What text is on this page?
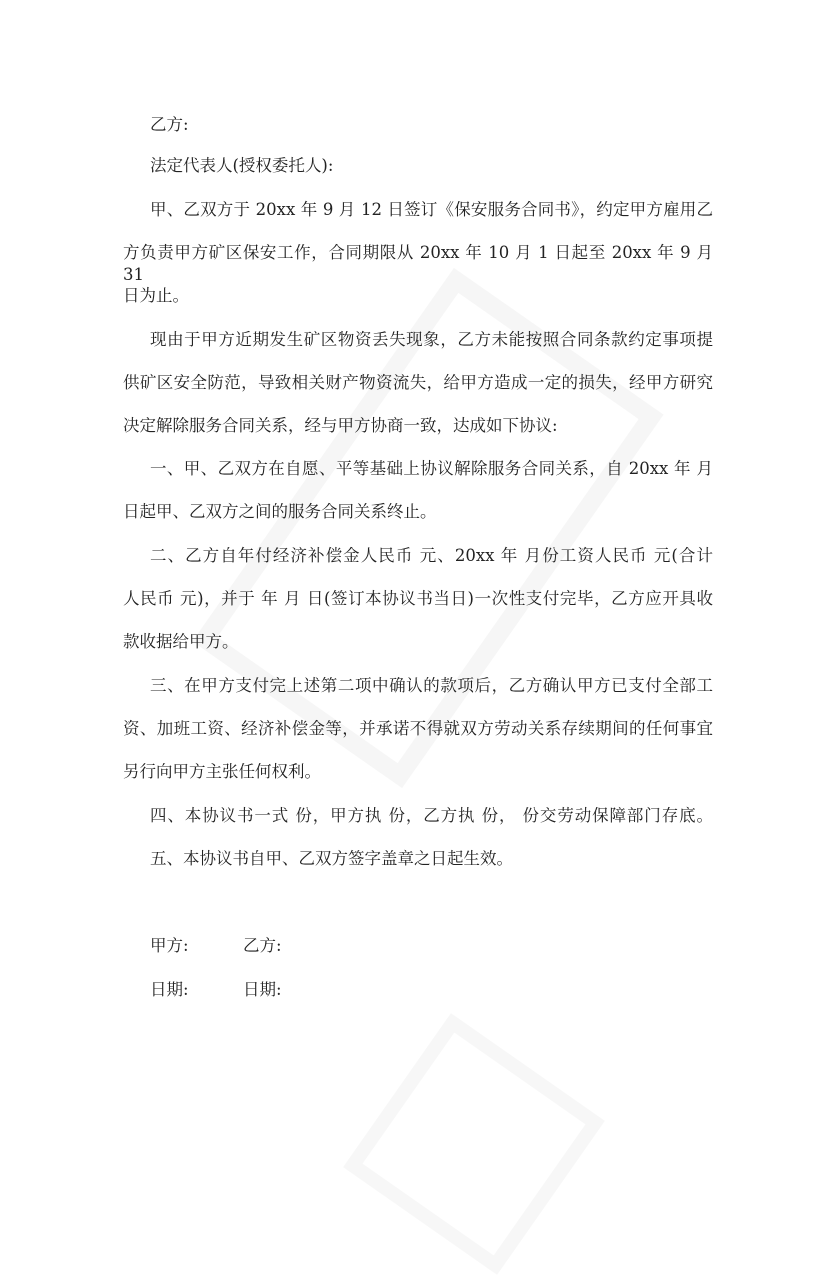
乙方:
法定代表人(授权委托人):
甲、乙双方于 20xx 年 9 月 12 日签订《保安服务合同书》，约定甲方雇用乙
方负责甲方矿区保安工作，合同期限从 20xx 年 10 月 1 日起至 20xx 年 9 月 31
日为止。
现由于甲方近期发生矿区物资丢失现象，乙方未能按照合同条款约定事项提
供矿区安全防范，导致相关财产物资流失，给甲方造成一定的损失，经甲方研究
决定解除服务合同关系，经与甲方协商一致，达成如下协议:
一、甲、乙双方在自愿、平等基础上协议解除服务合同关系，自 20xx 年 月
日起甲、乙双方之间的服务合同关系终止。
二、乙方自年付经济补偿金人民币 元、20xx 年 月份工资人民币 元(合计
人民币 元)，并于 年 月 日(签订本协议书当日)一次性支付完毕，乙方应开具收
款收据给甲方。
三、在甲方支付完上述第二项中确认的款项后，乙方确认甲方已支付全部工
资、加班工资、经济补偿金等，并承诺不得就双方劳动关系存续期间的任何事宜
另行向甲方主张任何权利。
四、本协议书一式 份，甲方执 份，乙方执 份， 份交劳动保障部门存底。
五、本协议书自甲、乙双方签字盖章之日起生效。
甲方:	乙方:
日期:	日期:
